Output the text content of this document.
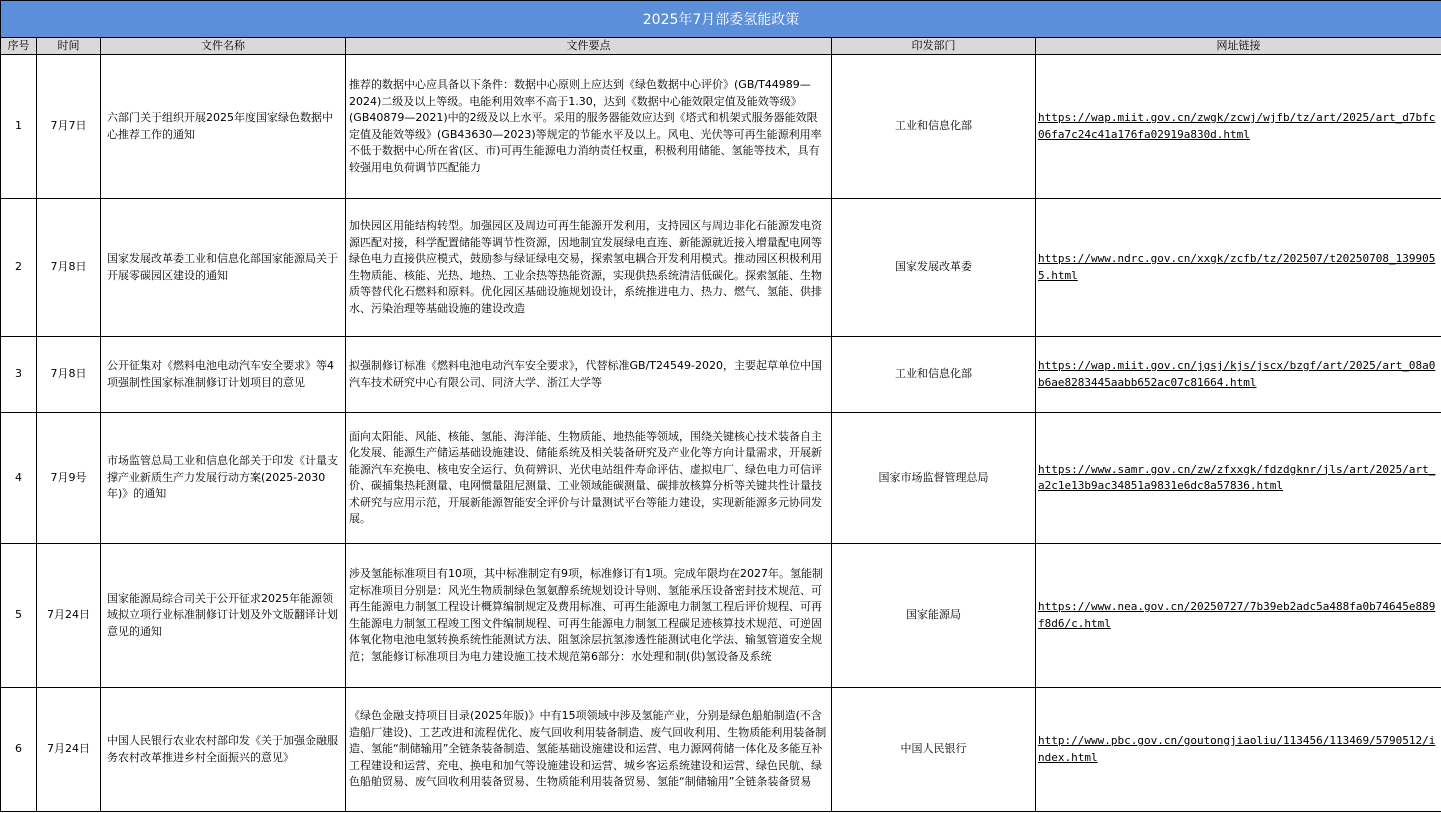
2025年7月部委氢能政策					
序号	时间	文件名称	文件要点	印发部门	网址链接
1	7月7日	六部门关于组织开展2025年度国家绿色数据中心推荐工作的通知	推荐的数据中心应具备以下条件：数据中心原则上应达到《绿色数据中心评价》(GB/T44989—2024)二级及以上等级。电能利用效率不高于1.30，达到《数据中心能效限定值及能效等级》(GB40879—2021)中的2级及以上水平。采用的服务器能效应达到《塔式和机架式服务器能效限定值及能效等级》(GB43630—2023)等规定的节能水平及以上。风电、光伏等可再生能源利用率不低于数据中心所在省(区、市)可再生能源电力消纳责任权重，积极利用储能、氢能等技术，具有较强用电负荷调节匹配能力	工业和信息化部	https://wap.miit.gov.cn/zwgk/zcwj/wjfb/tz/art/2025/art_d7bfc06fa7c24c41a176fa02919a830d.html
2	7月8日	国家发展改革委工业和信息化部国家能源局关于开展零碳园区建设的通知	加快园区用能结构转型。加强园区及周边可再生能源开发利用，支持园区与周边非化石能源发电资源匹配对接，科学配置储能等调节性资源，因地制宜发展绿电直连、新能源就近接入增量配电网等绿色电力直接供应模式，鼓励参与绿证绿电交易，探索氢电耦合开发利用模式。推动园区积极利用生物质能、核能、光热、地热、工业余热等热能资源，实现供热系统清洁低碳化。探索氢能、生物质等替代化石燃料和原料。优化园区基础设施规划设计，系统推进电力、热力、燃气、氢能、供排水、污染治理等基础设施的建设改造	国家发展改革委	https://www.ndrc.gov.cn/xxgk/zcfb/tz/202507/t20250708_1399055.html
3	7月8日	公开征集对《燃料电池电动汽车安全要求》等4项强制性国家标准制修订计划项目的意见	拟强制修订标准《燃料电池电动汽车安全要求》，代替标准GB/T24549-2020，主要起草单位中国汽车技术研究中心有限公司、同济大学、浙江大学等	工业和信息化部	https://wap.miit.gov.cn/jgsj/kjs/jscx/bzgf/art/2025/art_08a0b6ae8283445aabb652ac07c81664.html
4	7月9号	市场监管总局工业和信息化部关于印发《计量支撑产业新质生产力发展行动方案(2025-2030年)》的通知	面向太阳能、风能、核能、氢能、海洋能、生物质能、地热能等领域，围绕关键核心技术装备自主化发展、能源生产储运基础设施建设、储能系统及相关装备研究及产业化等方向计量需求，开展新能源汽车充换电、核电安全运行、负荷辨识、光伏电站组件寿命评估、虚拟电厂、绿色电力可信评价、碳捕集热耗测量、电网惯量阻尼测量、工业领域能碳测量、碳排放核算分析等关键共性计量技术研究与应用示范，开展新能源智能安全评价与计量测试平台等能力建设，实现新能源多元协同发展。	国家市场监督管理总局	https://www.samr.gov.cn/zw/zfxxgk/fdzdgknr/jls/art/2025/art_a2c1e13b9ac34851a9831e6dc8a57836.html
5	7月24日	国家能源局综合司关于公开征求2025年能源领域拟立项行业标准制修订计划及外文版翻译计划意见的通知	涉及氢能标准项目有10项，其中标准制定有9项，标准修订有1项。完成年限均在2027年。氢能制定标准项目分别是：风光生物质制绿色氢氨醇系统规划设计导则、氢能承压设备密封技术规范、可再生能源电力制氢工程设计概算编制规定及费用标准、可再生能源电力制氢工程后评价规程、可再生能源电力制氢工程竣工图文件编制规程、可再生能源电力制氢工程碳足迹核算技术规范、可逆固体氧化物电池电氢转换系统性能测试方法、阻氢涂层抗氢渗透性能测试电化学法、输氢管道安全规范；氢能修订标准项目为电力建设施工技术规范第6部分：水处理和制(供)氢设备及系统	国家能源局	https://www.nea.gov.cn/20250727/7b39eb2adc5a488fa0b74645e889f8d6/c.html
6	7月24日	中国人民银行农业农村部印发《关于加强金融服务农村改革推进乡村全面振兴的意见》	《绿色金融支持项目目录(2025年版)》中有15项领域中涉及氢能产业，分别是绿色船舶制造(不含造船厂建设)、工艺改进和流程优化、废气回收利用装备制造、废气回收利用、生物质能利用装备制造、氢能“制储输用”全链条装备制造、氢能基础设施建设和运营、电力源网荷储一体化及多能互补工程建设和运营、充电、换电和加气等设施建设和运营、城乡客运系统建设和运营、绿色民航、绿色船舶贸易、废气回收利用装备贸易、生物质能利用装备贸易、氢能“制储输用”全链条装备贸易	中国人民银行	http://www.pbc.gov.cn/goutongjiaoliu/113456/113469/5790512/index.html
